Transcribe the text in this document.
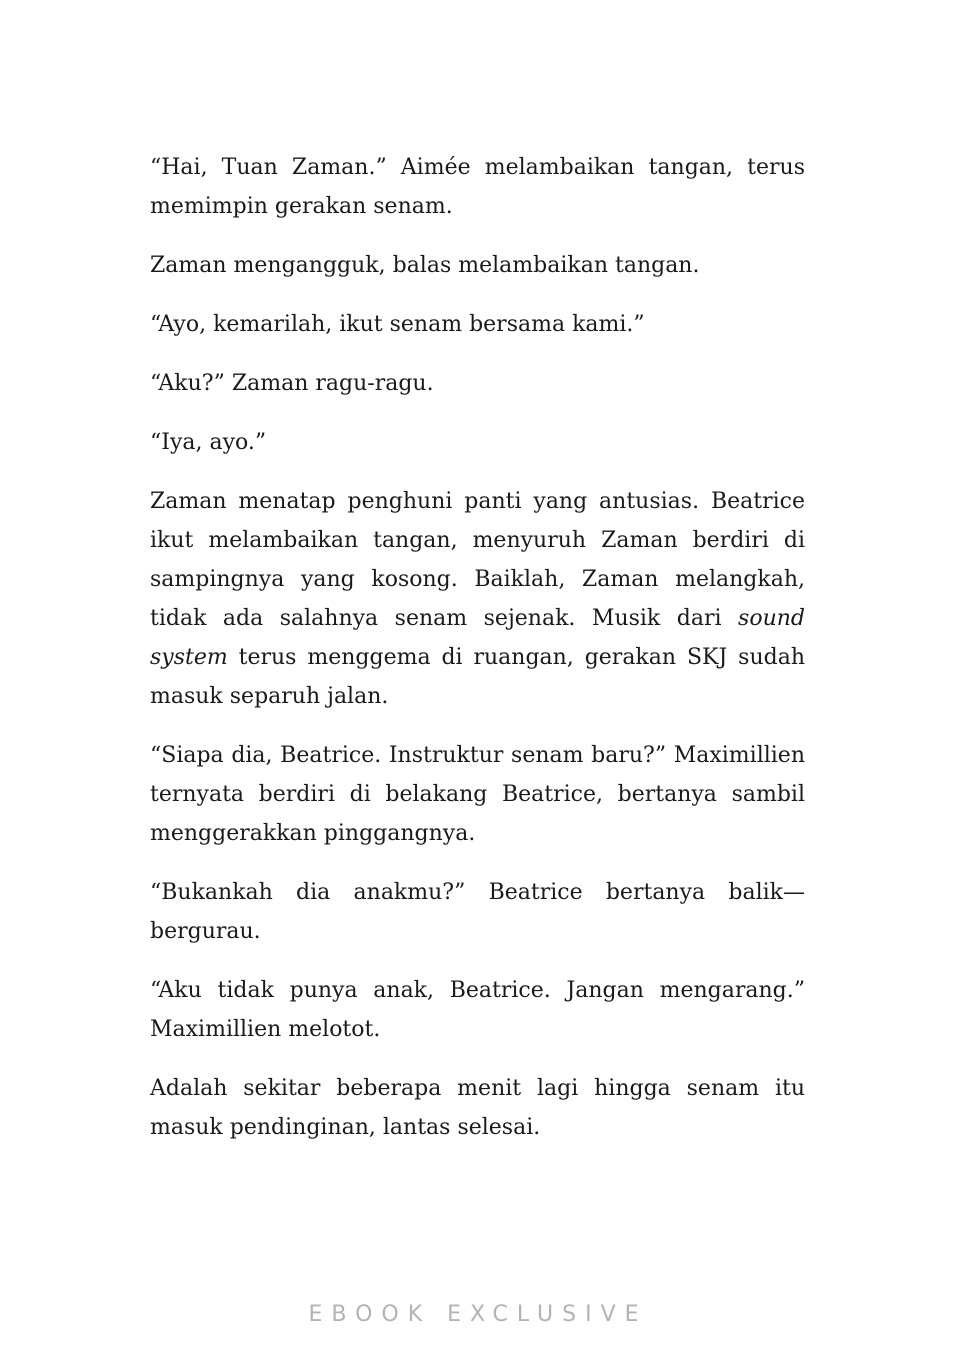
“Hai, Tuan Zaman.” Aimée melambaikan tangan, terus memimpin gerakan senam.

Zaman mengangguk, balas melambaikan tangan.

“Ayo, kemarilah, ikut senam bersama kami.”

“Aku?” Zaman ragu-ragu.

“Iya, ayo.”

Zaman menatap penghuni panti yang antusias. Beatrice ikut melambaikan tangan, menyuruh Zaman berdiri di sampingnya yang kosong. Baiklah, Zaman melangkah, tidak ada salahnya senam sejenak. Musik dari sound system terus menggema di ruangan, gerakan SKJ sudah masuk separuh jalan.

“Siapa dia, Beatrice. Instruktur senam baru?” Maximillien ternyata berdiri di belakang Beatrice, bertanya sambil menggerakkan pinggangnya.

“Bukankah dia anakmu?” Beatrice bertanya balik—bergurau.

“Aku tidak punya anak, Beatrice. Jangan mengarang.” Maximillien melotot.

Adalah sekitar beberapa menit lagi hingga senam itu masuk pendinginan, lantas selesai.

EBOOK EXCLUSIVE
